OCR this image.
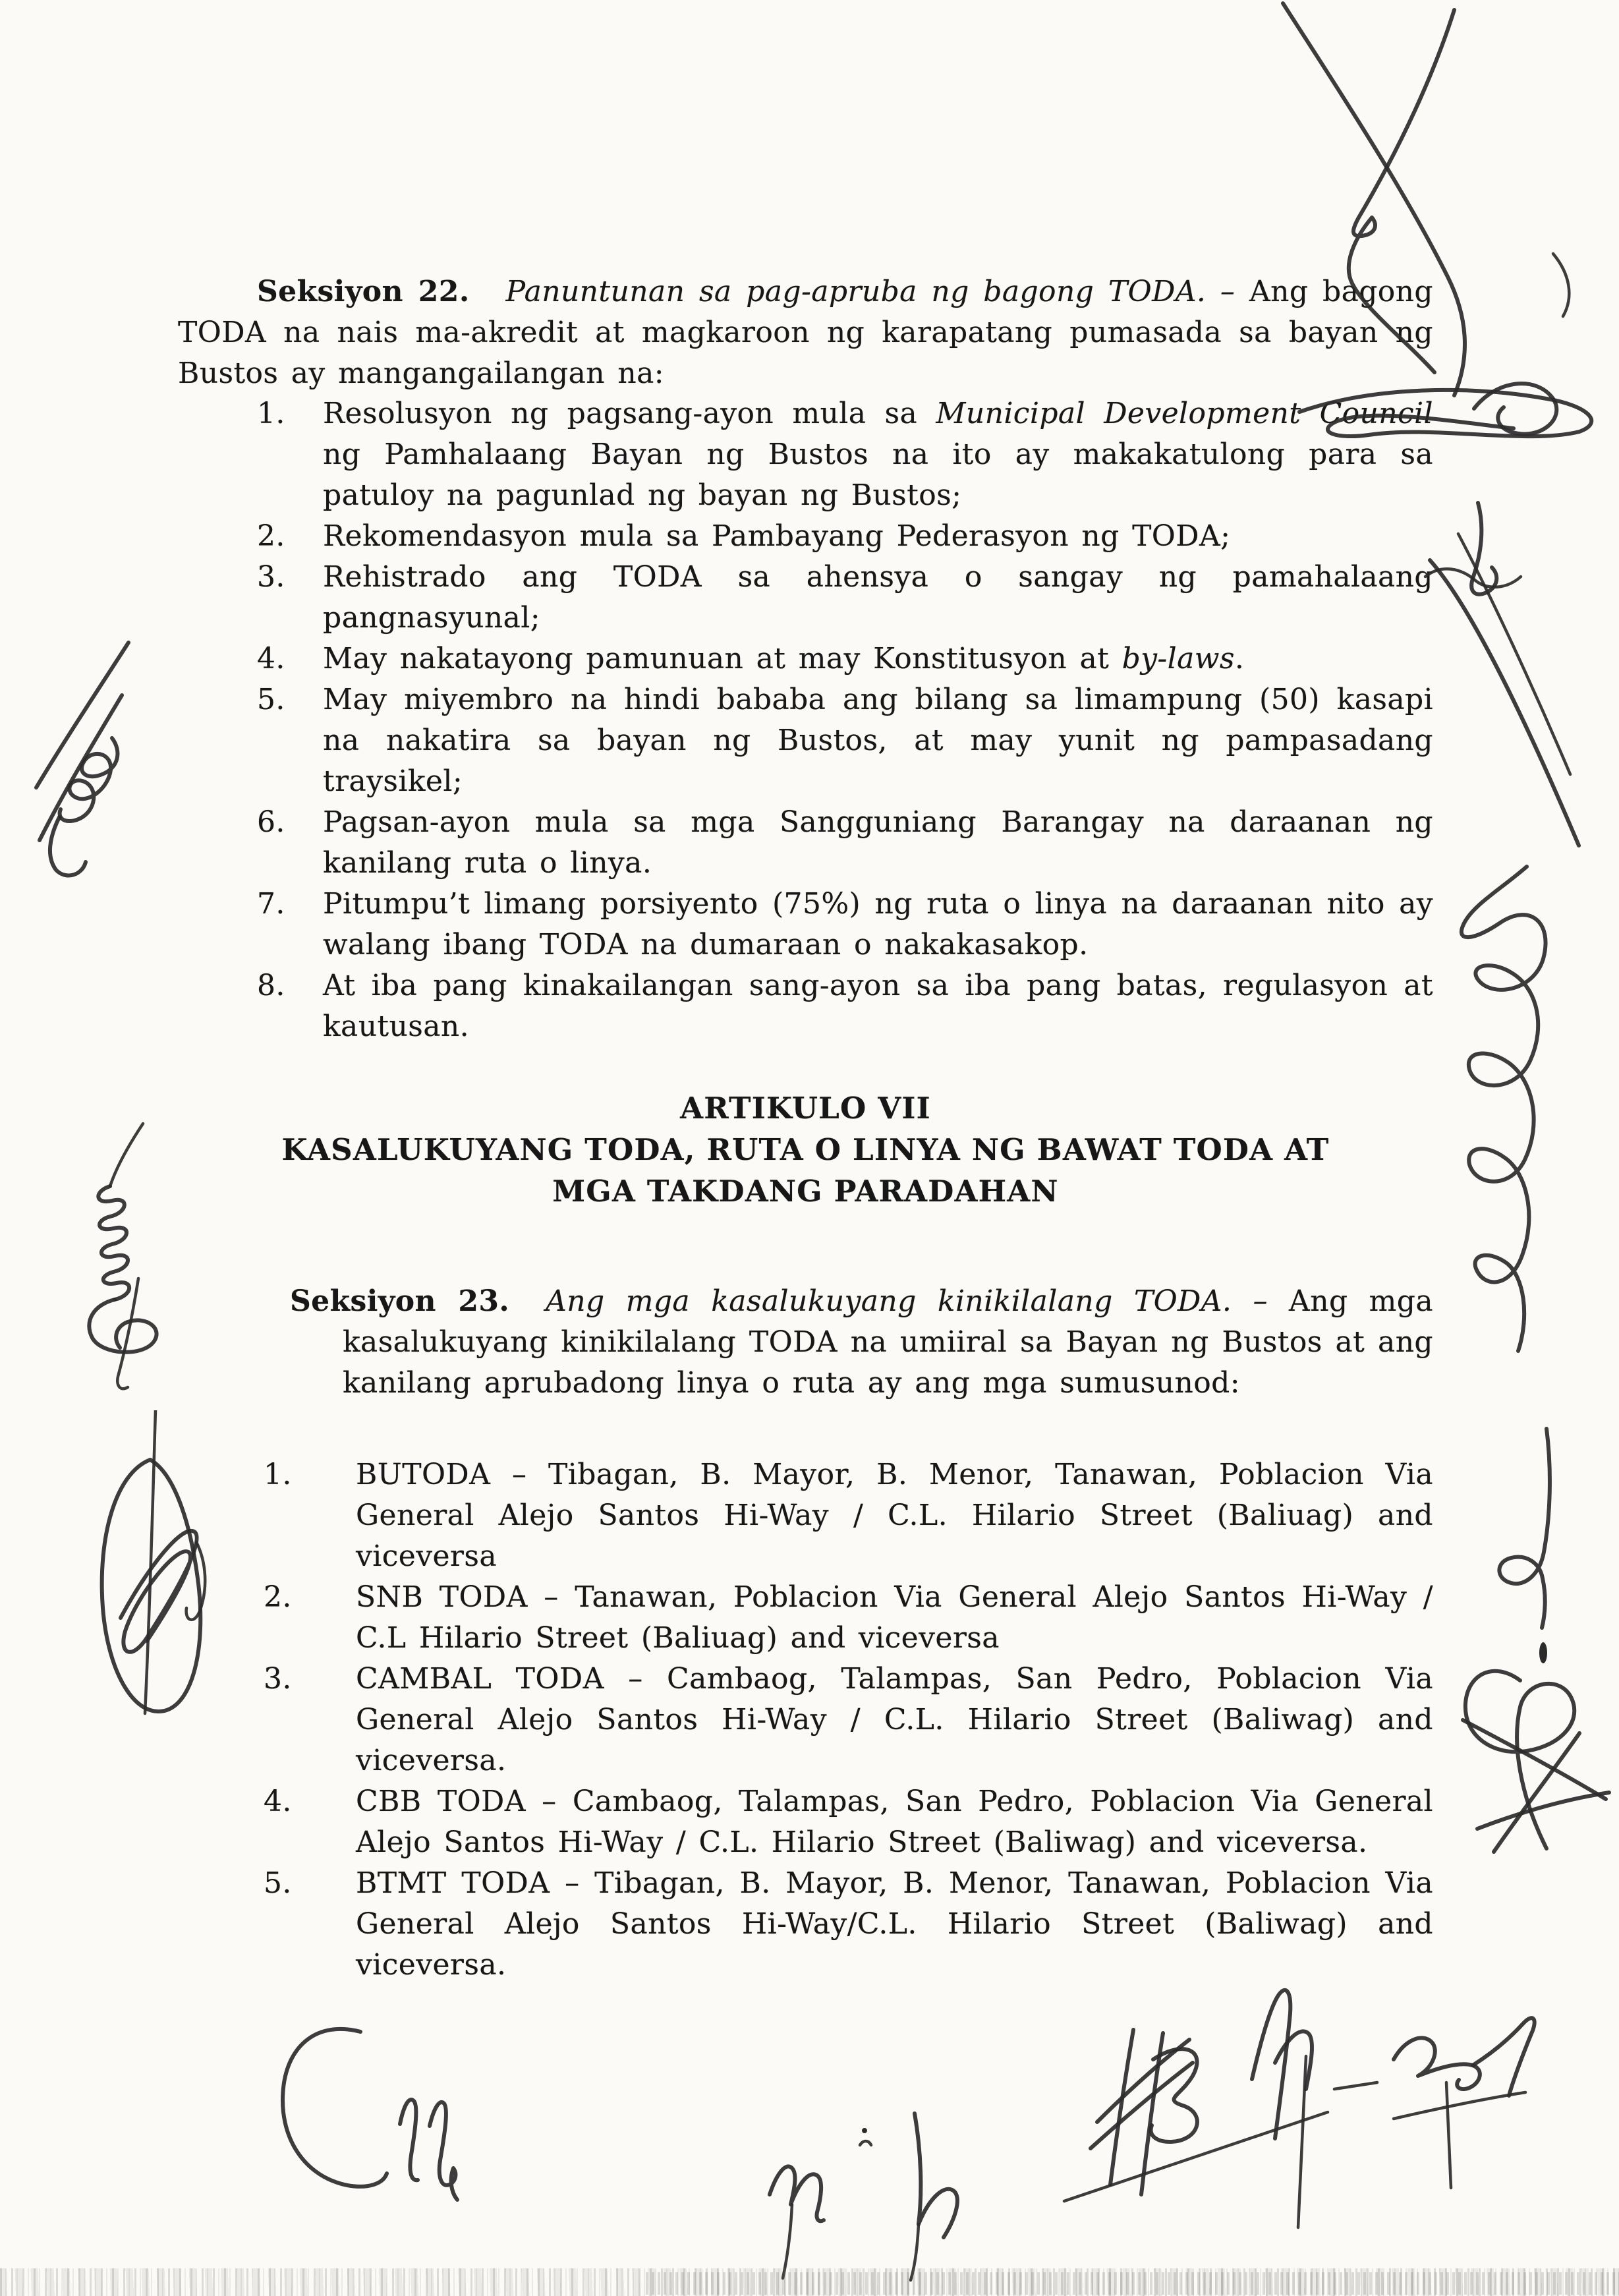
Seksiyon 22. Panuntunan sa pag-apruba ng bagong TODA. – Ang bagong TODA na nais ma-akredit at magkaroon ng karapatang pumasada sa bayan ng Bustos ay mangangailangan na:

1. Resolusyon ng pagsang-ayon mula sa Municipal Development Council ng Pamhalaang Bayan ng Bustos na ito ay makakatulong para sa patuloy na pagunlad ng bayan ng Bustos;
2. Rekomendasyon mula sa Pambayang Pederasyon ng TODA;
3. Rehistrado ang TODA sa ahensya o sangay ng pamahalaang pangnasyunal;
4. May nakatayong pamunuan at may Konstitusyon at by-laws.
5. May miyembro na hindi bababa ang bilang sa limampung (50) kasapi na nakatira sa bayan ng Bustos, at may yunit ng pampasadang traysikel;
6. Pagsan-ayon mula sa mga Sangguniang Barangay na daraanan ng kanilang ruta o linya.
7. Pitumpu’t limang porsiyento (75%) ng ruta o linya na daraanan nito ay walang ibang TODA na dumaraan o nakakasakop.
8. At iba pang kinakailangan sang-ayon sa iba pang batas, regulasyon at kautusan.
ARTIKULO VII
KASALUKUYANG TODA, RUTA O LINYA NG BAWAT TODA AT
MGA TAKDANG PARADAHAN

Seksiyon 23. Ang mga kasalukuyang kinikilalang TODA. – Ang mga kasalukuyang kinikilalang TODA na umiiral sa Bayan ng Bustos at ang kanilang aprubadong linya o ruta ay ang mga sumusunod:

1. BUTODA – Tibagan, B. Mayor, B. Menor, Tanawan, Poblacion Via General Alejo Santos Hi-Way / C.L. Hilario Street (Baliuag) and viceversa
2. SNB TODA – Tanawan, Poblacion Via General Alejo Santos Hi-Way / C.L Hilario Street (Baliuag) and viceversa
3. CAMBAL TODA – Cambaog, Talampas, San Pedro, Poblacion Via General Alejo Santos Hi-Way / C.L. Hilario Street (Baliwag) and viceversa.
4. CBB TODA – Cambaog, Talampas, San Pedro, Poblacion Via General Alejo Santos Hi-Way / C.L. Hilario Street (Baliwag) and viceversa.
5. BTMT TODA – Tibagan, B. Mayor, B. Menor, Tanawan, Poblacion Via General Alejo Santos Hi-Way/C.L. Hilario Street (Baliwag) and viceversa.
